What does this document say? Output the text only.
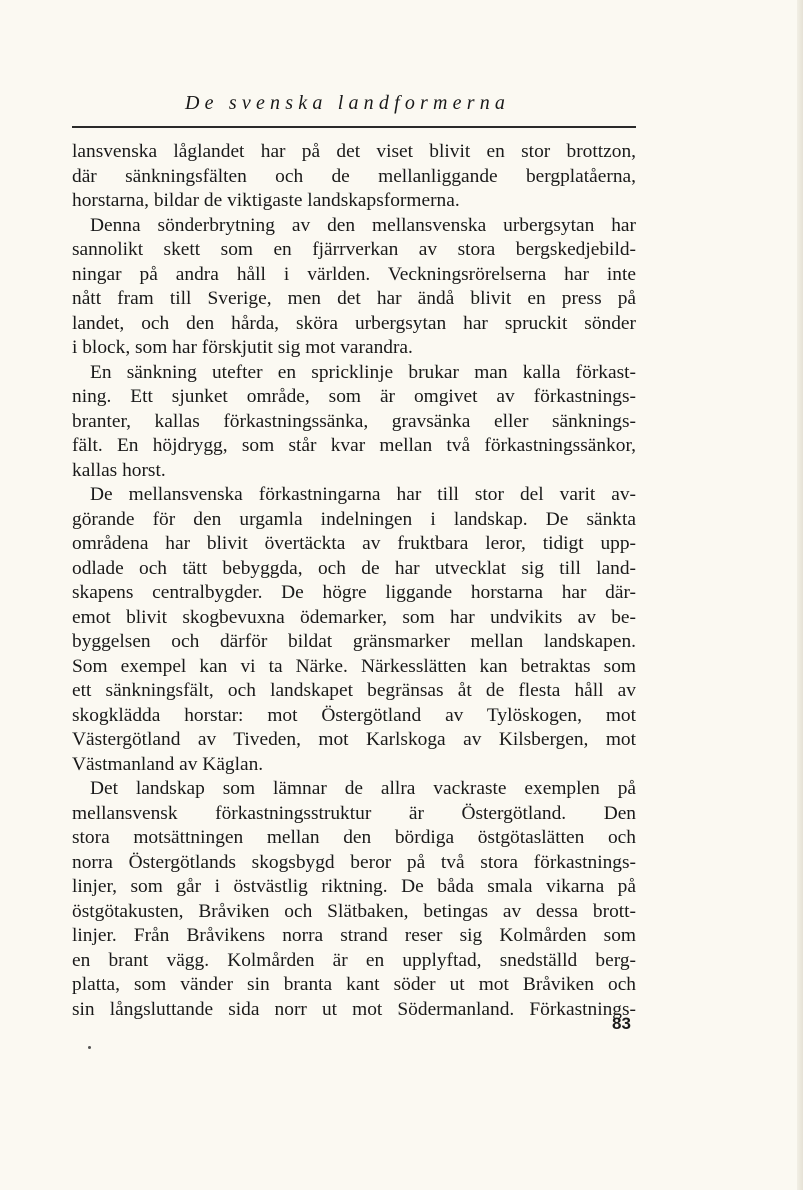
De svenska landformerna
lansvenska låglandet har på det viset blivit en stor brottzon,
där sänkningsfälten och de mellanliggande bergplatåerna,
horstarna, bildar de viktigaste landskapsformerna.
Denna sönderbrytning av den mellansvenska urbergsytan har
sannolikt skett som en fjärrverkan av stora bergskedjebild-
ningar på andra håll i världen. Veckningsrörelserna har inte
nått fram till Sverige, men det har ändå blivit en press på
landet, och den hårda, sköra urbergsytan har spruckit sönder
i block, som har förskjutit sig mot varandra.
En sänkning utefter en spricklinje brukar man kalla förkast-
ning. Ett sjunket område, som är omgivet av förkastnings-
branter, kallas förkastningssänka, gravsänka eller sänknings-
fält. En höjdrygg, som står kvar mellan två förkastningssänkor,
kallas horst.
De mellansvenska förkastningarna har till stor del varit av-
görande för den urgamla indelningen i landskap. De sänkta
områdena har blivit övertäckta av fruktbara leror, tidigt upp-
odlade och tätt bebyggda, och de har utvecklat sig till land-
skapens centralbygder. De högre liggande horstarna har där-
emot blivit skogbevuxna ödemarker, som har undvikits av be-
byggelsen och därför bildat gränsmarker mellan landskapen.
Som exempel kan vi ta Närke. Närkesslätten kan betraktas som
ett sänkningsfält, och landskapet begränsas åt de flesta håll av
skogklädda horstar: mot Östergötland av Tylöskogen, mot
Västergötland av Tiveden, mot Karlskoga av Kilsbergen, mot
Västmanland av Käglan.
Det landskap som lämnar de allra vackraste exemplen på
mellansvensk förkastningsstruktur är Östergötland. Den
stora motsättningen mellan den bördiga östgötaslätten och
norra Östergötlands skogsbygd beror på två stora förkastnings-
linjer, som går i östvästlig riktning. De båda smala vikarna på
östgötakusten, Bråviken och Slätbaken, betingas av dessa brott-
linjer. Från Bråvikens norra strand reser sig Kolmården som
en brant vägg. Kolmården är en upplyftad, snedställd berg-
platta, som vänder sin branta kant söder ut mot Bråviken och
sin långsluttande sida norr ut mot Södermanland. Förkastnings-
83
